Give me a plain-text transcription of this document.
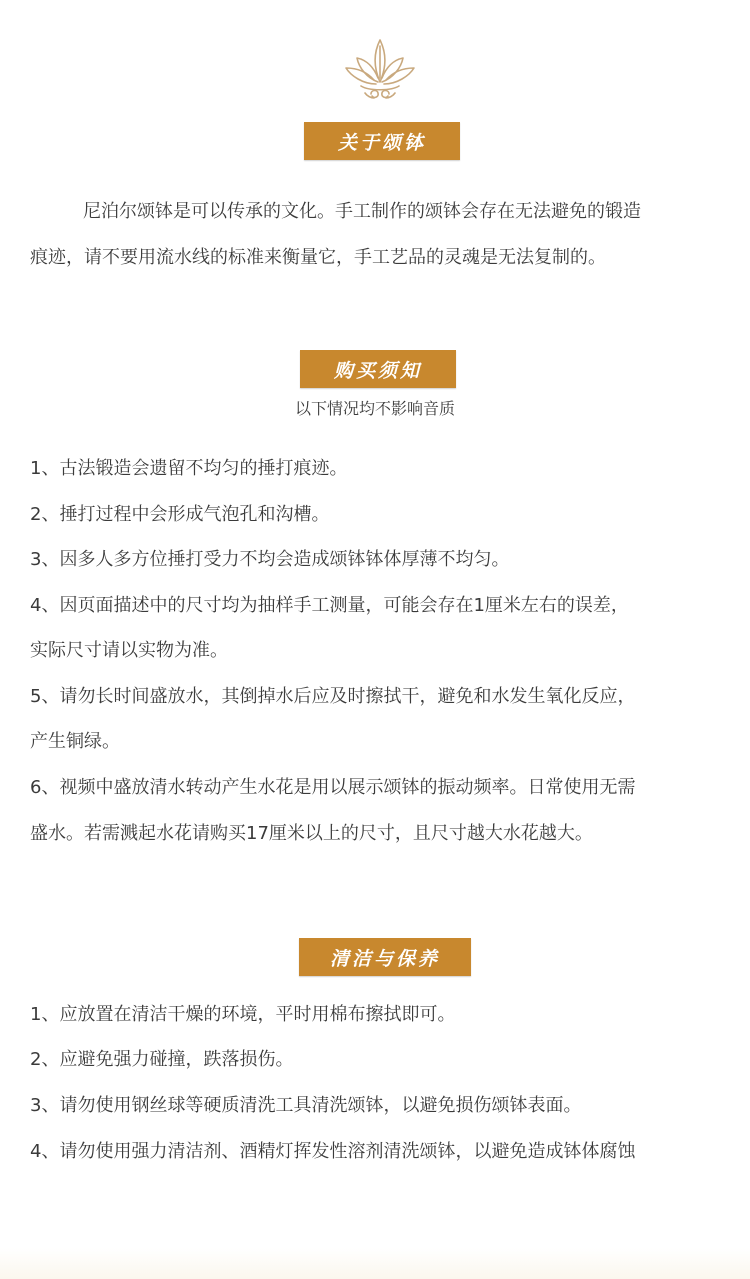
关于颂钵
尼泊尔颂钵是可以传承的文化。手工制作的颂钵会存在无法避免的锻造
痕迹，请不要用流水线的标准来衡量它，手工艺品的灵魂是无法复制的。
购买须知
以下情况均不影响音质
1、古法锻造会遗留不均匀的捶打痕迹。
2、捶打过程中会形成气泡孔和沟槽。
3、因多人多方位捶打受力不均会造成颂钵钵体厚薄不均匀。
4、因页面描述中的尺寸均为抽样手工测量，可能会存在1厘米左右的误差，
实际尺寸请以实物为准。
5、请勿长时间盛放水，其倒掉水后应及时擦拭干，避免和水发生氧化反应，
产生铜绿。
6、视频中盛放清水转动产生水花是用以展示颂钵的振动频率。日常使用无需
盛水。若需溅起水花请购买17厘米以上的尺寸，且尺寸越大水花越大。
清洁与保养
1、应放置在清洁干燥的环境，平时用棉布擦拭即可。
2、应避免强力碰撞，跌落损伤。
3、请勿使用钢丝球等硬质清洗工具清洗颂钵，以避免损伤颂钵表面。
4、请勿使用强力清洁剂、酒精灯挥发性溶剂清洗颂钵，以避免造成钵体腐蚀
